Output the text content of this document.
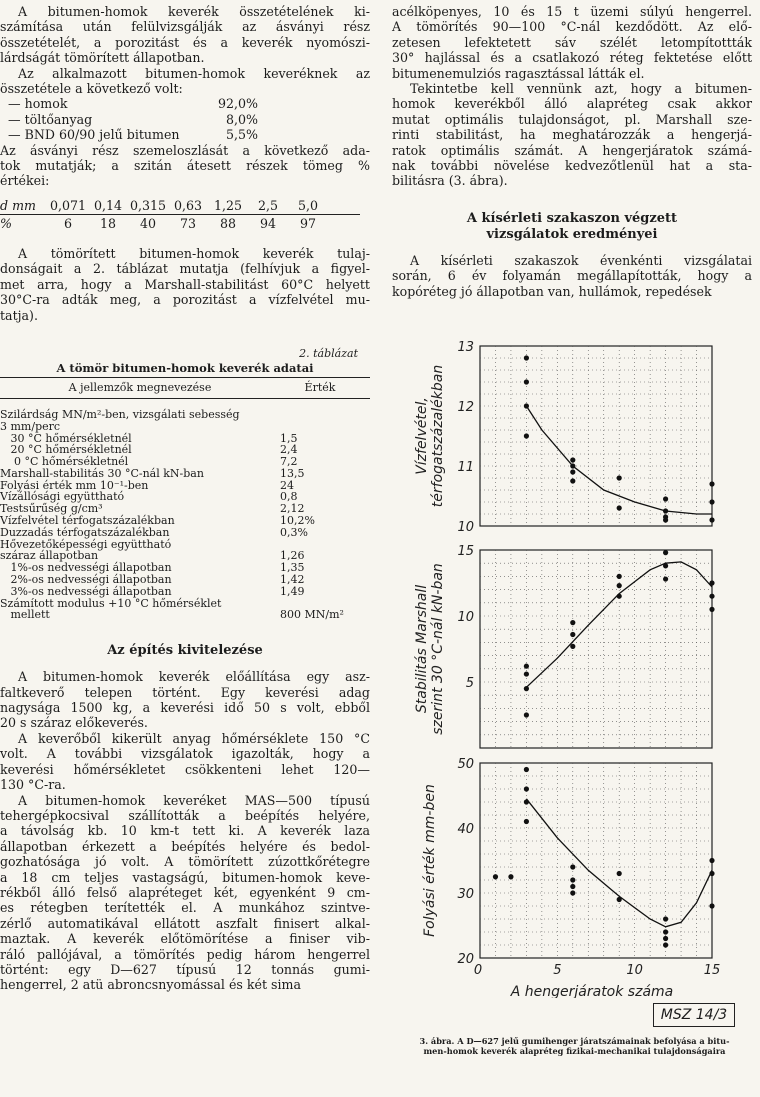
A bitumen-homok keverék összetételének ki-
számítása után felülvizsgálják az ásványi rész
összetételét, a porozitást és a keverék nyomószi-
lárdságát tömörített állapotban.
Az alkalmazott bitumen-homok keveréknek az
összetétele a következő volt:
— homok	92,0%
— töltőanyag	8,0%
— BND 60/90 jelű bitumen	5,5%
Az ásványi rész szemeloszlását a következő ada-
tok mutatják; a szitán átesett részek tömeg %
értékei:
d mm	0,071 0,14 0,315 0,63 1,25	2,5	5,0
%	6	18	40	73	88	94	97
A tömörített bitumen-homok keverék tulaj-
donságait a 2. táblázat mutatja (felhívjuk a figyel-
met arra, hogy a Marshall-stabilitást 60°C helyett
30°C-ra adták meg, a porozitást a vízfelvétel mu-
tatja).

2. táblázat

A tömör bitumen-homok keverék adatai

A jellemzők megnevezése	Érték
Szilárdság MN/m²-ben, vizsgálati sebesség
3 mm/perc
30 °C hőmérsékletnél	1,5
20 °C hőmérsékletnél	2,4
0 °C hőmérsékletnél	7,2
Marshall-stabilitás 30 °C-nál kN-ban	13,5
Folyási érték mm 10⁻¹-ben	24
Vízállósági együttható	0,8
Testsűrűség g/cm³	2,12
Vízfelvétel térfogatszázalékban	10,2%
Duzzadás térfogatszázalékban	0,3%
Hővezetőképességi együttható
száraz állapotban	1,26
1%-os nedvességi állapotban	1,35
2%-os nedvességi állapotban	1,42
3%-os nedvességi állapotban	1,49
Számított modulus +10 °C hőmérséklet
mellett	800 MN/m²

Az építés kivitelezése

A bitumen-homok keverék előállítása egy asz-
faltkeverő telepen történt. Egy keverési adag
nagysága 1500 kg, a keverési idő 50 s volt, ebből
20 s száraz előkeverés.
A keverőből kikerült anyag hőmérséklete 150 °C
volt. A további vizsgálatok igazolták, hogy a
keverési hőmérsékletet csökkenteni lehet 120—
130 °C-ra.
A bitumen-homok keveréket MAS—500 típusú
tehergépkocsival szállították a beépítés helyére,
a távolság kb. 10 km-t tett ki. A keverék laza
állapotban érkezett a beépítés helyére és bedol-
gozhatósága jó volt. A tömörített zúzottkőrétegre
a 18 cm teljes vastagságú, bitumen-homok keve-
rékből álló felső alapréteget két, egyenként 9 cm-
es rétegben terítették el. A munkához szintve-
zérlő automatikával ellátott aszfalt finisert alkal-
maztak. A keverék előtömörítése a finiser vib-
ráló pallójával, a tömörítés pedig három hengerrel
történt: egy D—627 típusú 12 tonnás gumi-
hengerrel, 2 atü abroncsnyomással és két sima
acélköpenyes, 10 és 15 t üzemi súlyú hengerrel.
A tömörítés 90—100 °C-nál kezdődött. Az elő-
zetesen lefektetett sáv szélét letompítottták
30° hajlással és a csatlakozó réteg fektetése előtt
bitumenemulziós ragasztással látták el.
Tekintetbe kell vennünk azt, hogy a bitumen-
homok keverékből álló alapréteg csak akkor
mutat optimális tulajdonságot, pl. Marshall sze-
rinti stabilitást, ha meghatározzák a hengerjá-
ratok optimális számát. A hengerjáratok számá-
nak további növelése kedvezőtlenül hat a sta-
bilitásra (3. ábra).

A kísérleti szakaszon végzett

vizsgálatok eredményei

A kísérleti szakaszok évenkénti vizsgálatai
során, 6 év folyamán megállapították, hogy a
kopóréteg jó állapotban van, hullámok, repedések
10
11
12
13
Vízfelvétel, térfogatszázalékban
5
10
15
Stabilitás Marshall szerint 30 °C-nál kN-ban
20
30
40
50
Folyási érték mm-ben
0	5	10	15
A hengerjáratok száma
MSZ 14/3

3. ábra. A D—627 jelű gumihenger járatszámainak befolyása a bitu-

men-homok keverék alapréteg fizikai-mechanikai tulajdonságaira
